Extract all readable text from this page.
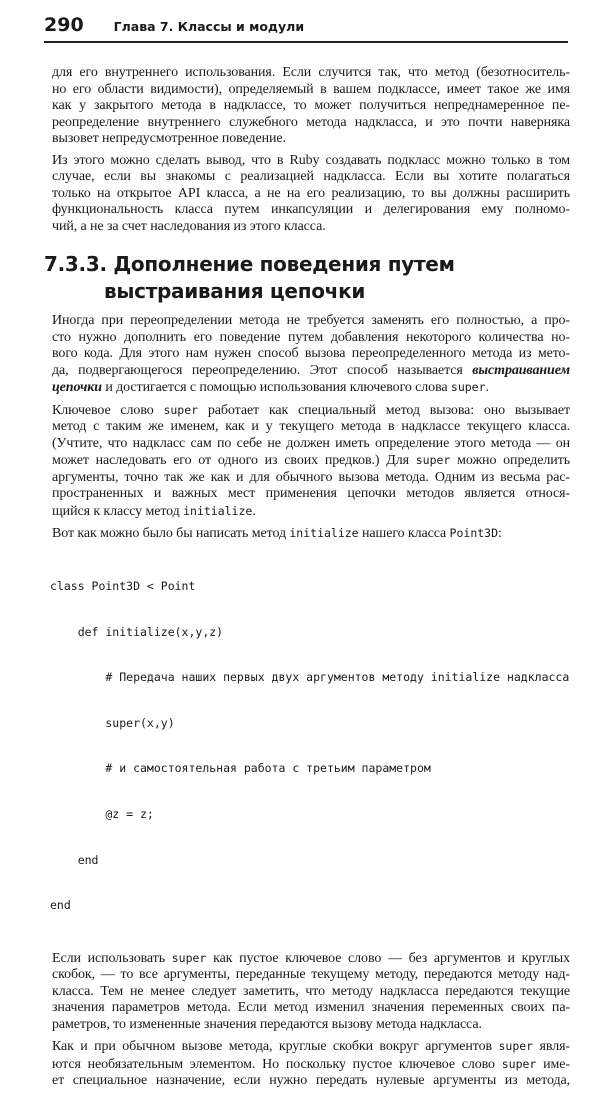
290 Глава 7. Классы и модули
для его внутреннего использования. Если случится так, что метод (безотноситель-
но его области видимости), определяемый в вашем подклассе, имеет такое же имя
как у закрытого метода в надклассе, то может получиться непреднамеренное пе-
реопределение внутреннего служебного метода надкласса, и это почти наверняка
вызовет непредусмотренное поведение.
Из этого можно сделать вывод, что в Ruby создавать подкласс можно только в том
случае, если вы знакомы с реализацией надкласса. Если вы хотите полагаться
только на открытое API класса, а не на его реализацию, то вы должны расширить
функциональность класса путем инкапсуляции и делегирования ему полномо-
чий, а не за счет наследования из этого класса.
7.3.3. Дополнение поведения путем
выстраивания цепочки
Иногда при переопределении метода не требуется заменять его полностью, а про-
сто нужно дополнить его поведение путем добавления некоторого количества но-
вого кода. Для этого нам нужен способ вызова переопределенного метода из мето-
да, подвергающегося переопределению. Этот способ называется выстраиванием
цепочки и достигается с помощью использования ключевого слова super.
Ключевое слово super работает как специальный метод вызова: оно вызывает
метод с таким же именем, как и у текущего метода в надклассе текущего класса.
(Учтите, что надкласс сам по себе не должен иметь определение этого метода — он
может наследовать его от одного из своих предков.) Для super можно определить
аргументы, точно так же как и для обычного вызова метода. Одним из весьма рас-
пространенных и важных мест применения цепочки методов является относя-
щийся к классу метод initialize.
Вот как можно было бы написать метод initialize нашего класса Point3D:

class Point3D < Point

def initialize(x,y,z)

# Передача наших первых двух аргументов методу initialize надкласса

super(x,y)

# и самостоятельная работа с третьим параметром

@z = z;

end

end

Если использовать super как пустое ключевое слово — без аргументов и круглых
скобок, — то все аргументы, переданные текущему методу, передаются методу над-
класса. Тем не менее следует заметить, что методу надкласса передаются текущие
значения параметров метода. Если метод изменил значения переменных своих па-
раметров, то измененные значения передаются вызову метода надкласса.
Как и при обычном вызове метода, круглые скобки вокруг аргументов super явля-
ются необязательным элементом. Но поскольку пустое ключевое слово super име-
ет специальное назначение, если нужно передать нулевые аргументы из метода,
